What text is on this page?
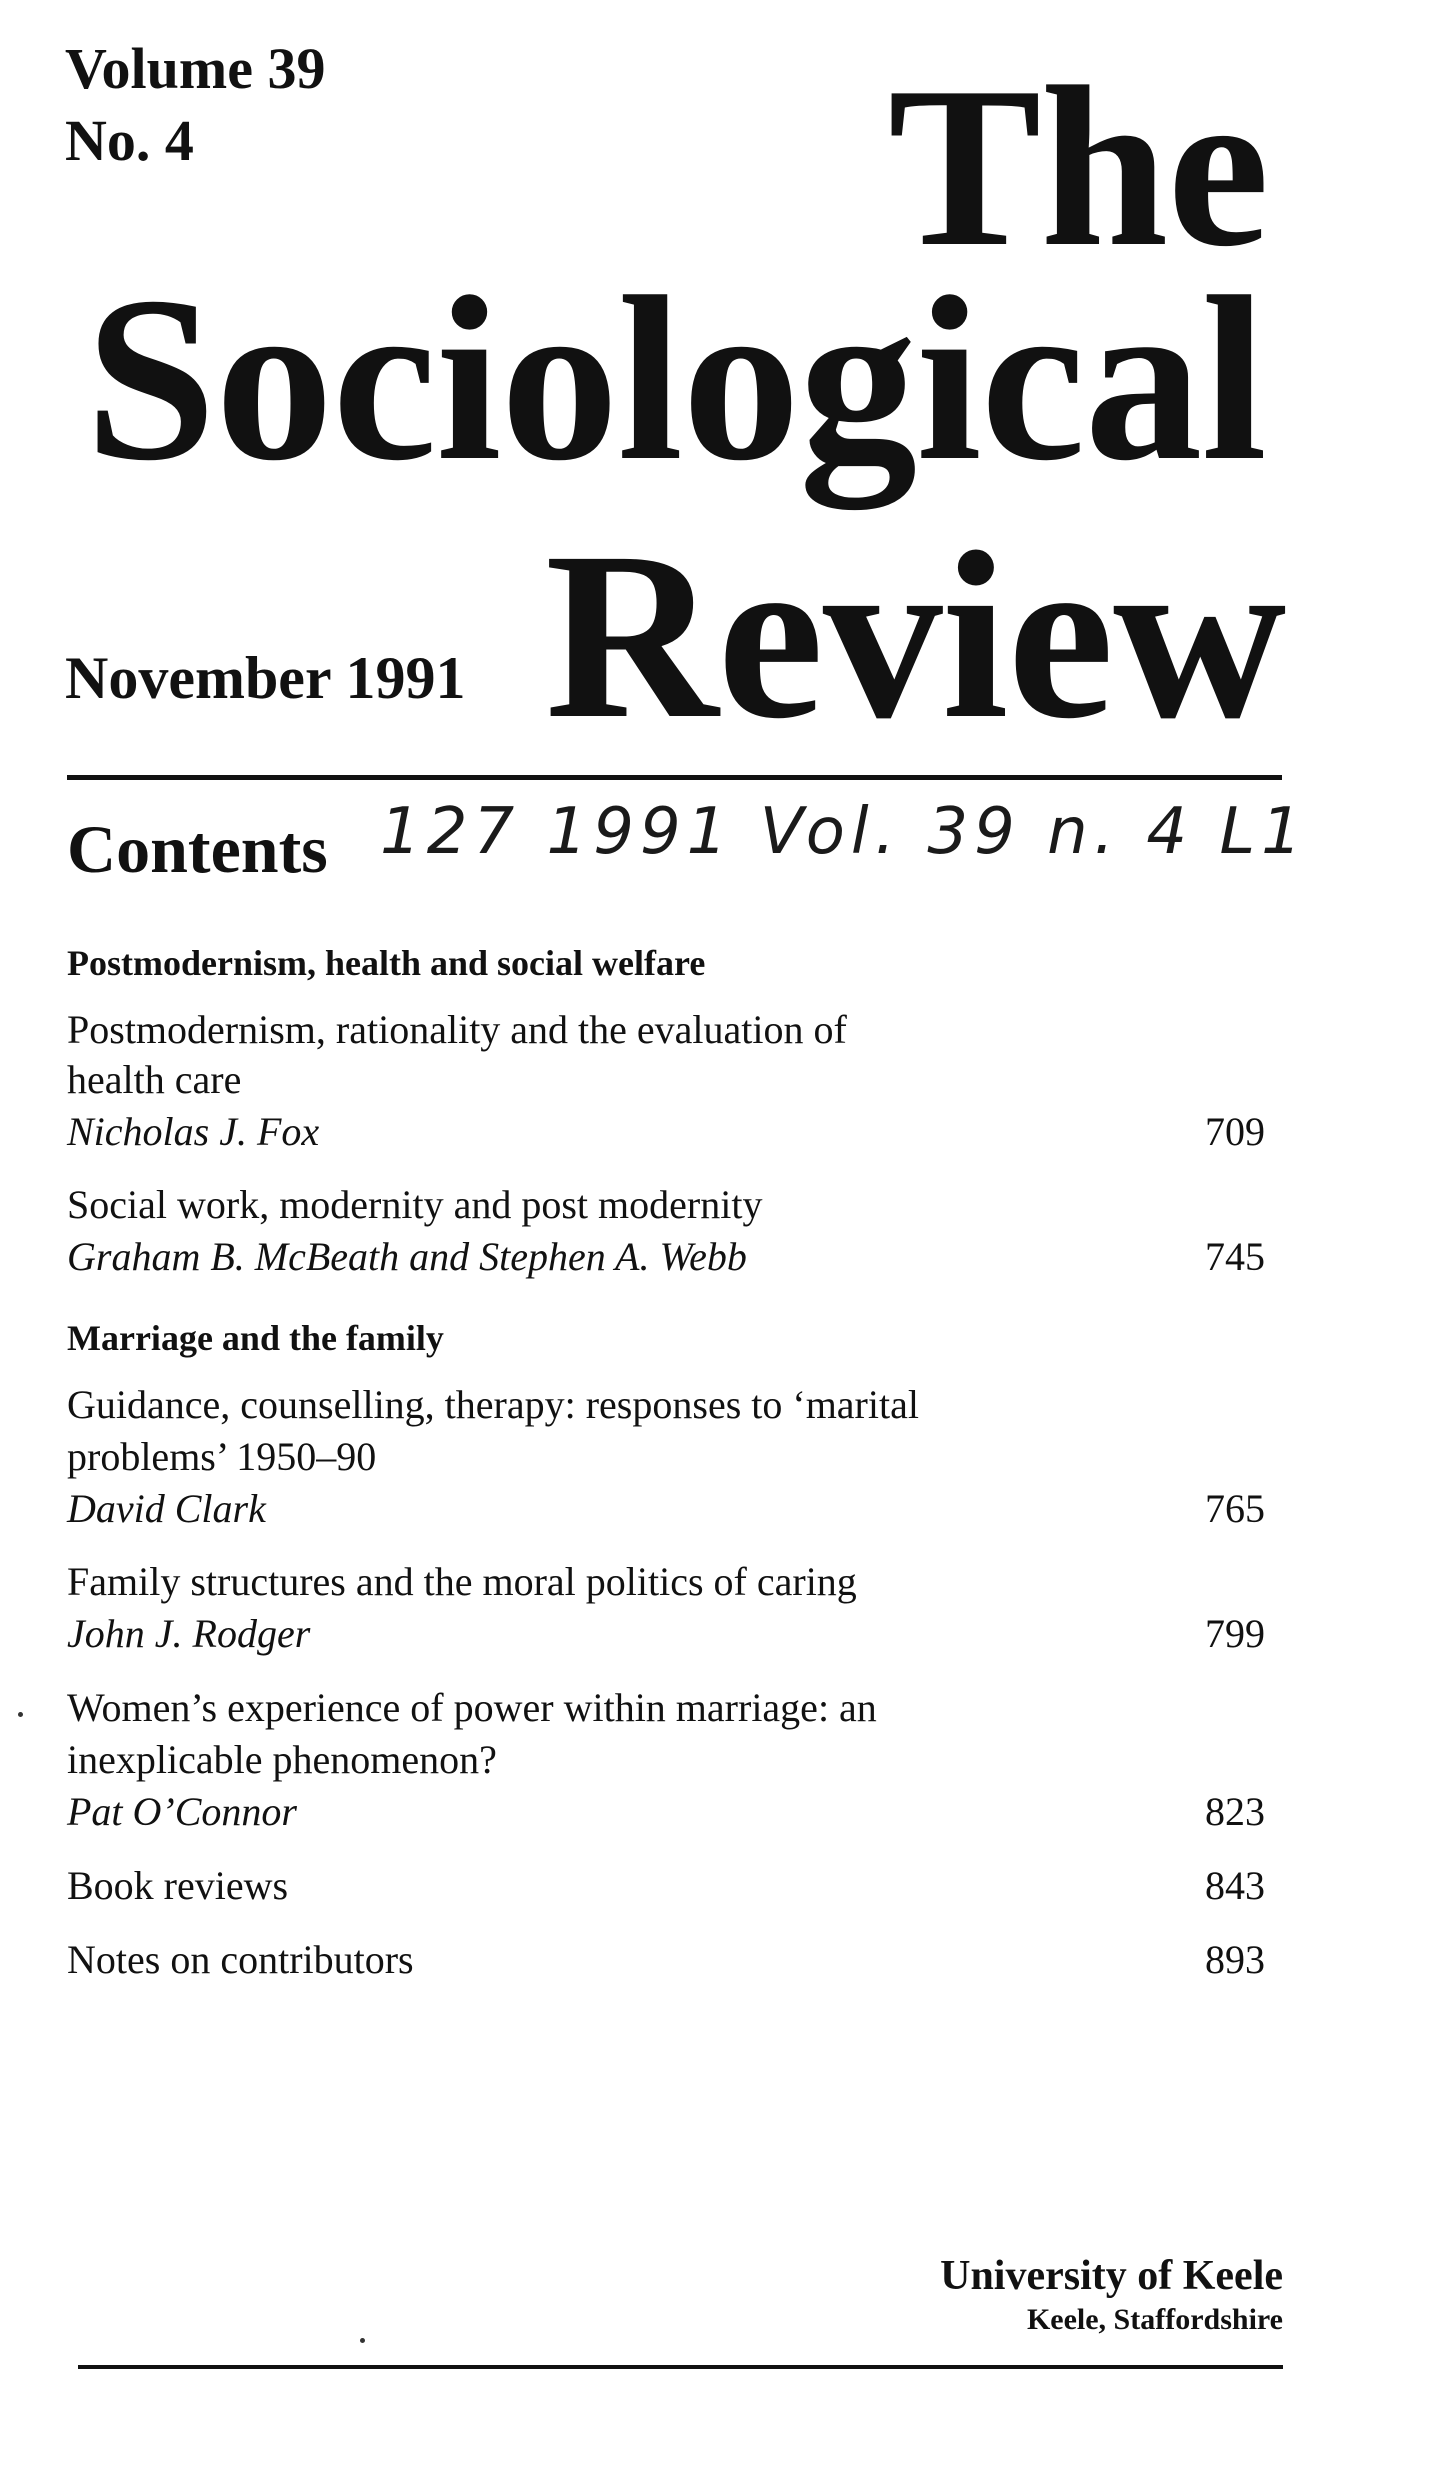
Volume 39
No. 4
November 1991
The
Sociological
Review
Contents 127 1991 Vol. 39 n. 4 L1
Postmodernism, health and social welfare
Postmodernism, rationality and the evaluation of
health care
Nicholas J. Fox	709
Social work, modernity and post modernity
Graham B. McBeath and Stephen A. Webb	745
Marriage and the family
Guidance, counselling, therapy: responses to ‘marital
problems’ 1950–90
David Clark	765
Family structures and the moral politics of caring
John J. Rodger	799
Women’s experience of power within marriage: an
inexplicable phenomenon?
Pat O’Connor	823
Book reviews	843
Notes on contributors	893
University of Keele
Keele, Staffordshire
